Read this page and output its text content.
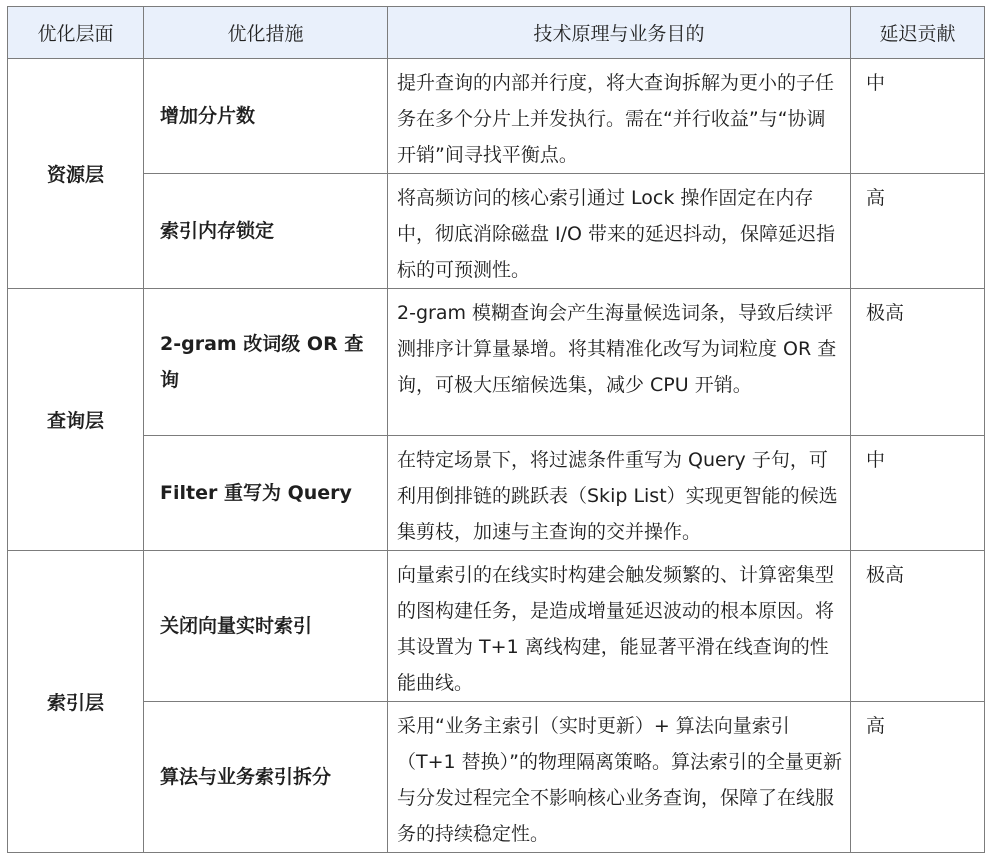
优化层面	优化措施	技术原理与业务目的	延迟贡献
资源层	增加分片数	提升查询的内部并行度，将大查询拆解为更小的子任务在多个分片上并发执行。需在“并行收益”与“协调开销”间寻找平衡点。	中
	索引内存锁定	将高频访问的核心索引通过 Lock 操作固定在内存中，彻底消除磁盘 I/O 带来的延迟抖动，保障延迟指标的可预测性。	高
查询层	2-gram 改词级 OR 查询	2-gram 模糊查询会产生海量候选词条，导致后续评测排序计算量暴增。将其精准化改写为词粒度 OR 查询，可极大压缩候选集，减少 CPU 开销。	极高
	Filter 重写为 Query	在特定场景下，将过滤条件重写为 Query 子句，可利用倒排链的跳跃表（Skip List）实现更智能的候选集剪枝，加速与主查询的交并操作。	中
索引层	关闭向量实时索引	向量索引的在线实时构建会触发频繁的、计算密集型的图构建任务，是造成增量延迟波动的根本原因。将其设置为 T+1 离线构建，能显著平滑在线查询的性能曲线。	极高
	算法与业务索引拆分	采用“业务主索引（实时更新）+ 算法向量索引（T+1 替换）”的物理隔离策略。算法索引的全量更新与分发过程完全不影响核心业务查询，保障了在线服务的持续稳定性。	高
